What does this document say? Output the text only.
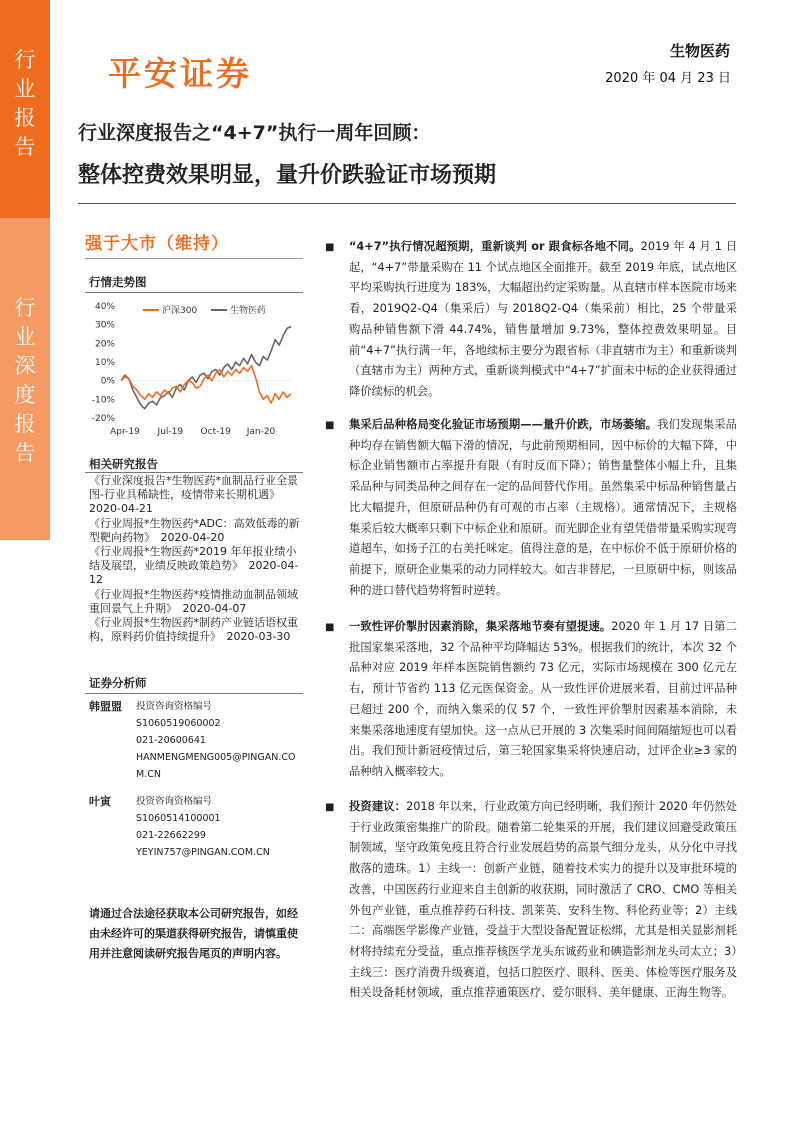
行
业
报
告
行
业
深
度
报
告
平安证券
生物医药
2020 年 04 月 23 日
行业深度报告之“4+7”执行一周年回顾：
整体控费效果明显，量升价跌验证市场预期
强于大市（维持）
行情走势图
40%
30%
20%
10%
0%
-10%
-20%
Apr-19 Jul-19 Oct-19 Jan-20
沪深300	生物医药
相关研究报告
《行业深度报告*生物医药*血制品行业全景图-行业具稀缺性，疫情带来长期机遇》　2020-04-21
《行业周报*生物医药*ADC：高效低毒的新型靶向药物》　2020-04-20
《行业周报*生物医药*2019 年年报业绩小结及展望，业绩反映政策趋势》　2020-04-12
《行业周报*生物医药*疫情推动血制品领域重回景气上升期》　2020-04-07
《行业周报*生物医药*制药产业链话语权重构，原料药价值持续提升》　2020-03-30
证券分析师
韩盟盟 投资咨询资格编号
S1060519060002
021-20600641
HANMENGMENG005@PINGAN.COM.CN
叶寅	投资咨询资格编号
S1060514100001
021-22662299
YEYIN757@PINGAN.COM.CN
请通过合法途径获取本公司研究报告，如经由未经许可的渠道获得研究报告，请慎重使用并注意阅读研究报告尾页的声明内容。
■ “4+7”执行情况超预期，重新谈判 or 跟食标各地不同。2019 年 4 月 1 日起，“4+7”带量采购在 11 个试点地区全面推开。截至 2019 年底，试点地区平均采购执行进度为 183%，大幅超出约定采购量。从直辖市样本医院市场来看，2019Q2-Q4（集采后）与 2018Q2-Q4（集采前）相比，25 个带量采购品种销售额下滑 44.74%，销售量增加 9.73%，整体控费效果明显。目前“4+7”执行满一年，各地续标主要分为跟省标（非直辖市为主）和重新谈判（直辖市为主）两种方式，重新谈判模式中“4+7”扩面未中标的企业获得通过降价续标的机会。
■ 集采后品种格局变化验证市场预期——量升价跌，市场萎缩。我们发现集采品种均存在销售额大幅下滑的情况，与此前预期相同，因中标价的大幅下降，中标企业销售额市占率提升有限（有时反而下降）；销售量整体小幅上升，且集采品种与同类品种之间存在一定的品间替代作用。虽然集采中标品种销售量占比大幅提升，但原研品种仍有可观的市占率（主规格）。通常情况下，主规格集采后较大概率只剩下中标企业和原研。而光脚企业有望凭借带量采购实现弯道超车，如扬子江的右美托咪定。值得注意的是，在中标价不低于原研价格的前提下，原研企业集采的动力同样较大。如吉非替尼，一旦原研中标，则该品种的进口替代趋势将暂时逆转。
■ 一致性评价掣肘因素消除，集采落地节奏有望提速。2020 年 1 月 17 日第二批国家集采落地，32 个品种平均降幅达 53%。根据我们的统计，本次 32 个品种对应 2019 年样本医院销售额约 73 亿元，实际市场规模在 300 亿元左右，预计节省约 113 亿元医保资金。从一致性评价进展来看，目前过评品种已超过 200 个，而纳入集采的仅 57 个，一致性评价掣肘因素基本消除，未来集采落地速度有望加快。这一点从已开展的 3 次集采时间间隔缩短也可以看出。我们预计新冠疫情过后，第三轮国家集采将快速启动，过评企业≥3 家的品种纳入概率较大。
■ 投资建议：2018 年以来，行业政策方向已经明晰，我们预计 2020 年仍然处于行业政策密集推广的阶段。随着第二轮集采的开展，我们建议回避受政策压制领域，坚守政策免疫且符合行业发展趋势的高景气细分龙头，从分化中寻找散落的遗珠。1）主线一：创新产业链，随着技术实力的提升以及审批环境的改善，中国医药行业迎来自主创新的收获期，同时激活了 CRO、CMO 等相关外包产业链，重点推荐药石科技、凯莱英、安科生物、科伦药业等；2）主线二：高端医学影像产业链，受益于大型设备配置证松绑，尤其是相关显影剂耗材将持续充分受益，重点推荐核医学龙头东诚药业和碘造影剂龙头司太立；3）主线三：医疗消费升级赛道，包括口腔医疗、眼科、医美、体检等医疗服务及相关设备耗材领域，重点推荐通策医疗、爱尔眼科、美年健康、正海生物等。
